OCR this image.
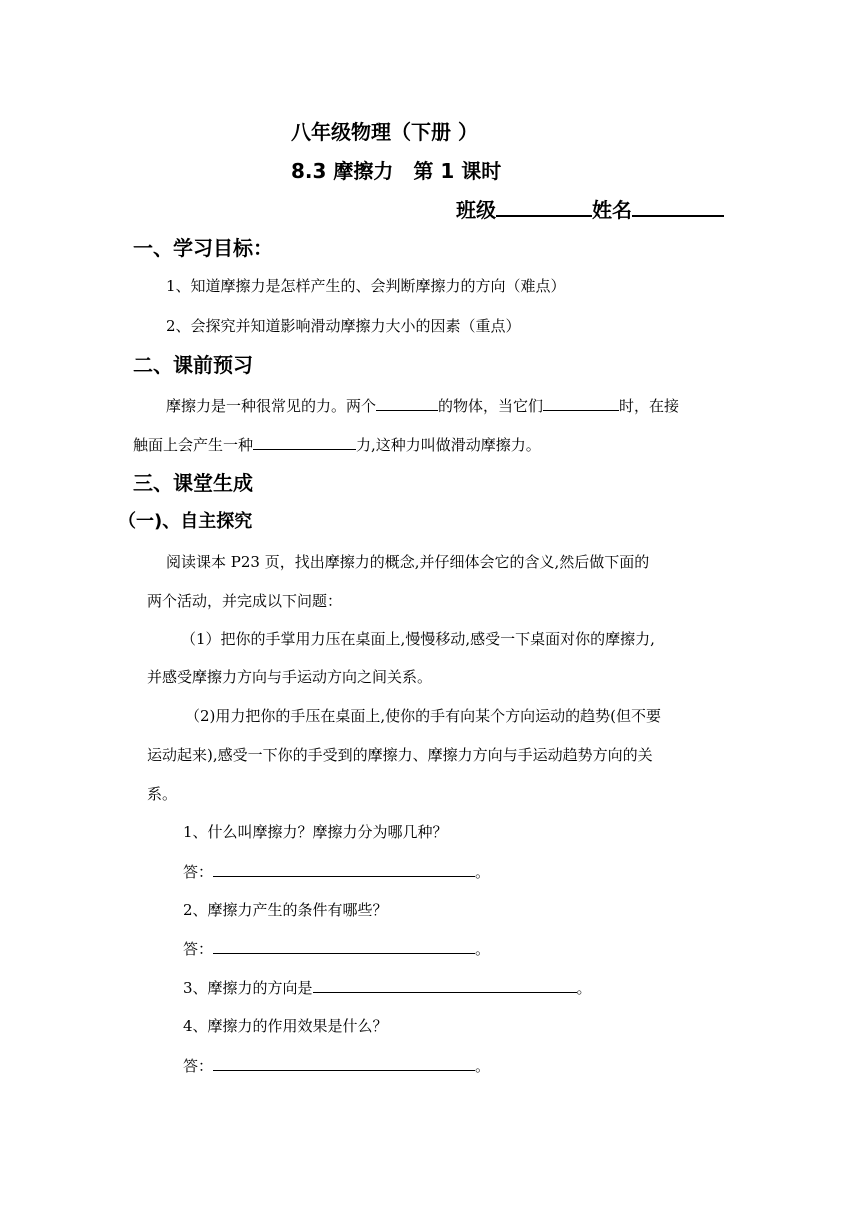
八年级物理（下册 ）
8.3 摩擦力　第 1 课时
班级	姓名
一、学习目标：
1、知道摩擦力是怎样产生的、会判断摩擦力的方向（难点）
2、会探究并知道影响滑动摩擦力大小的因素（重点）
二、课前预习
摩擦力是一种很常见的力。两个	的物体，当它们	时，在接
触面上会产生一种	力,这种力叫做滑动摩擦力。
三、课堂生成
（一)、自主探究
阅读课本 P23 页，找出摩擦力的概念,并仔细体会它的含义,然后做下面的
两个活动，并完成以下问题：
（1）把你的手掌用力压在桌面上,慢慢移动,感受一下桌面对你的摩擦力,
并感受摩擦力方向与手运动方向之间关系。
（2)用力把你的手压在桌面上,使你的手有向某个方向运动的趋势(但不要
运动起来),感受一下你的手受到的摩擦力、摩擦力方向与手运动趋势方向的关
系。
1、什么叫摩擦力？摩擦力分为哪几种？
答：	。
2、摩擦力产生的条件有哪些？
答：	。
3、摩擦力的方向是	。
4、摩擦力的作用效果是什么？
答：	。
